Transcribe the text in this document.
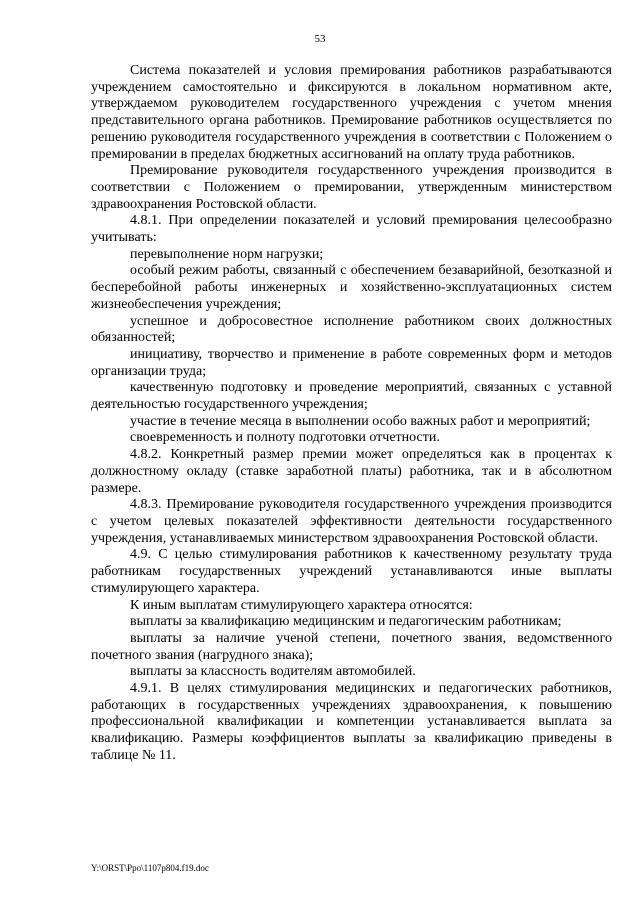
53

Система показателей и условия премирования работников разрабатываются учреждением самостоятельно и фиксируются в локальном нормативном акте, утверждаемом руководителем государственного учреждения с учетом мнения представительного органа работников. Премирование работников осуществляется по решению руководителя государственного учреждения в соответствии с Положением о премировании в пределах бюджетных ассигнований на оплату труда работников.

Премирование руководителя государственного учреждения производится в соответствии с Положением о премировании, утвержденным министерством здравоохранения Ростовской области.

4.8.1. При определении показателей и условий премирования целесообразно учитывать:

перевыполнение норм нагрузки;

особый режим работы, связанный с обеспечением безаварийной, безотказной и бесперебойной работы инженерных и хозяйственно-эксплуатационных систем жизнеобеспечения учреждения;

успешное и добросовестное исполнение работником своих должностных обязанностей;

инициативу, творчество и применение в работе современных форм и методов организации труда;

качественную подготовку и проведение мероприятий, связанных с уставной деятельностью государственного учреждения;

участие в течение месяца в выполнении особо важных работ и мероприятий;

своевременность и полноту подготовки отчетности.

4.8.2. Конкретный размер премии может определяться как в процентах к должностному окладу (ставке заработной платы) работника, так и в абсолютном размере.

4.8.3. Премирование руководителя государственного учреждения производится с учетом целевых показателей эффективности деятельности государственного учреждения, устанавливаемых министерством здравоохранения Ростовской области.

4.9. С целью стимулирования работников к качественному результату труда работникам государственных учреждений устанавливаются иные выплаты стимулирующего характера.

К иным выплатам стимулирующего характера относятся:

выплаты за квалификацию медицинским и педагогическим работникам;

выплаты за наличие ученой степени, почетного звания, ведомственного почетного звания (нагрудного знака);

выплаты за классность водителям автомобилей.

4.9.1. В целях стимулирования медицинских и педагогических работников, работающих в государственных учреждениях здравоохранения, к повышению профессиональной квалификации и компетенции устанавливается выплата за квалификацию. Размеры коэффициентов выплаты за квалификацию приведены в таблице № 11.

Y:\ORST\Ppo\1107p804.f19.doc
